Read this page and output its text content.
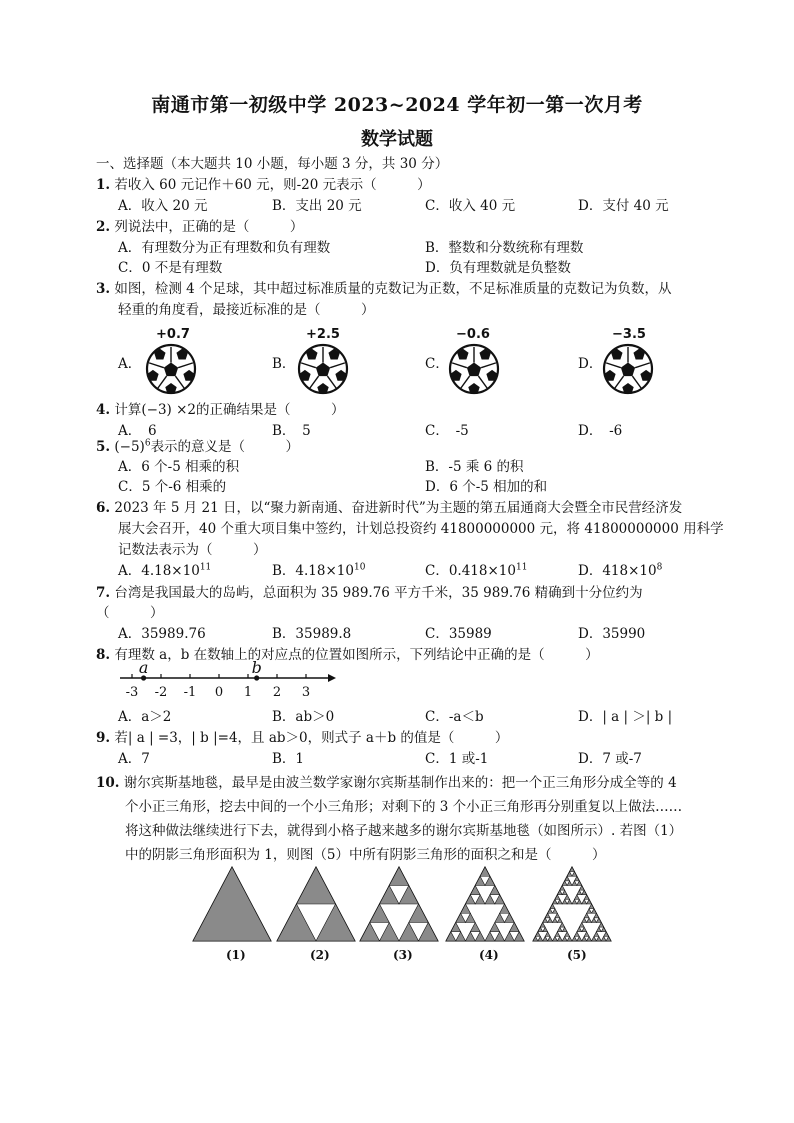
南通市第一初级中学 2023~2024 学年初一第一次月考
数学试题
一、选择题（本大题共 10 小题，每小题 3 分，共 30 分）
1. 若收入 60 元记作＋60 元，则-20 元表示（　　　）
A．收入 20 元	B．支出 20 元	C．收入 40 元	D．支付 40 元
2. 列说法中，正确的是（　　　）
A．有理数分为正有理数和负有理数	B．整数和分数统称有理数
C．0 不是有理数	D．负有理数就是负整数
3. 如图，检测 4 个足球，其中超过标准质量的克数记为正数，不足标准质量的克数记为负数，从
轻重的角度看，最接近标准的是（　　　）
A．	B．	C．	D．
+0.7	+2.5	−0.6	−3.5
4. 计算(−3) ×2的正确结果是（　　　）
A．　6	B．　5	C．　-5	D．　-6
5. $(-5)^6$表示的意义是（　　　）
A．6 个-5 相乘的积	B．-5 乘 6 的积
C．5 个-6 相乘的	D．6 个-5 相加的和
6. 2023 年 5 月 21 日，以“聚力新南通、奋进新时代”为主题的第五届通商大会暨全市民营经济发
展大会召开，40 个重大项目集中签约，计划总投资约 41800000000 元，将 41800000000 用科学
记数法表示为（　　　）
A．$4.18\times 10^{11}$	B．$4.18\times 10^{10}$	C．$0.418\times 10^{11}$	D．$418\times 10^8$
7. 台湾是我国最大的岛屿，总面积为 35 989.76 平方千米，35 989.76 精确到十分位约为
（　　　）
A．35989.76	B．35989.8	C．35989	D．35990
8. 有理数 a，b 在数轴上的对应点的位置如图所示，下列结论中正确的是（　　　）
-3 -2 -1 0 1 2 3
a	b
A．a＞2	B．ab＞0	C．-a＜b	D．| a | ＞| b |
9. 若| a | =3，| b |=4，且 ab＞0，则式子 a＋b 的值是（　　　）
A．7	B．1	C．1 或-1	D．7 或-7
10. 谢尔宾斯基地毯，最早是由波兰数学家谢尔宾斯基制作出来的：把一个正三角形分成全等的 4
个小正三角形，挖去中间的一个小三角形；对剩下的 3 个小正三角形再分别重复以上做法……
将这种做法继续进行下去，就得到小格子越来越多的谢尔宾斯基地毯（如图所示）. 若图（1）
中的阴影三角形面积为 1，则图（5）中所有阴影三角形的面积之和是（　　　）
(1)	(2)	(3)	(4)	(5)
